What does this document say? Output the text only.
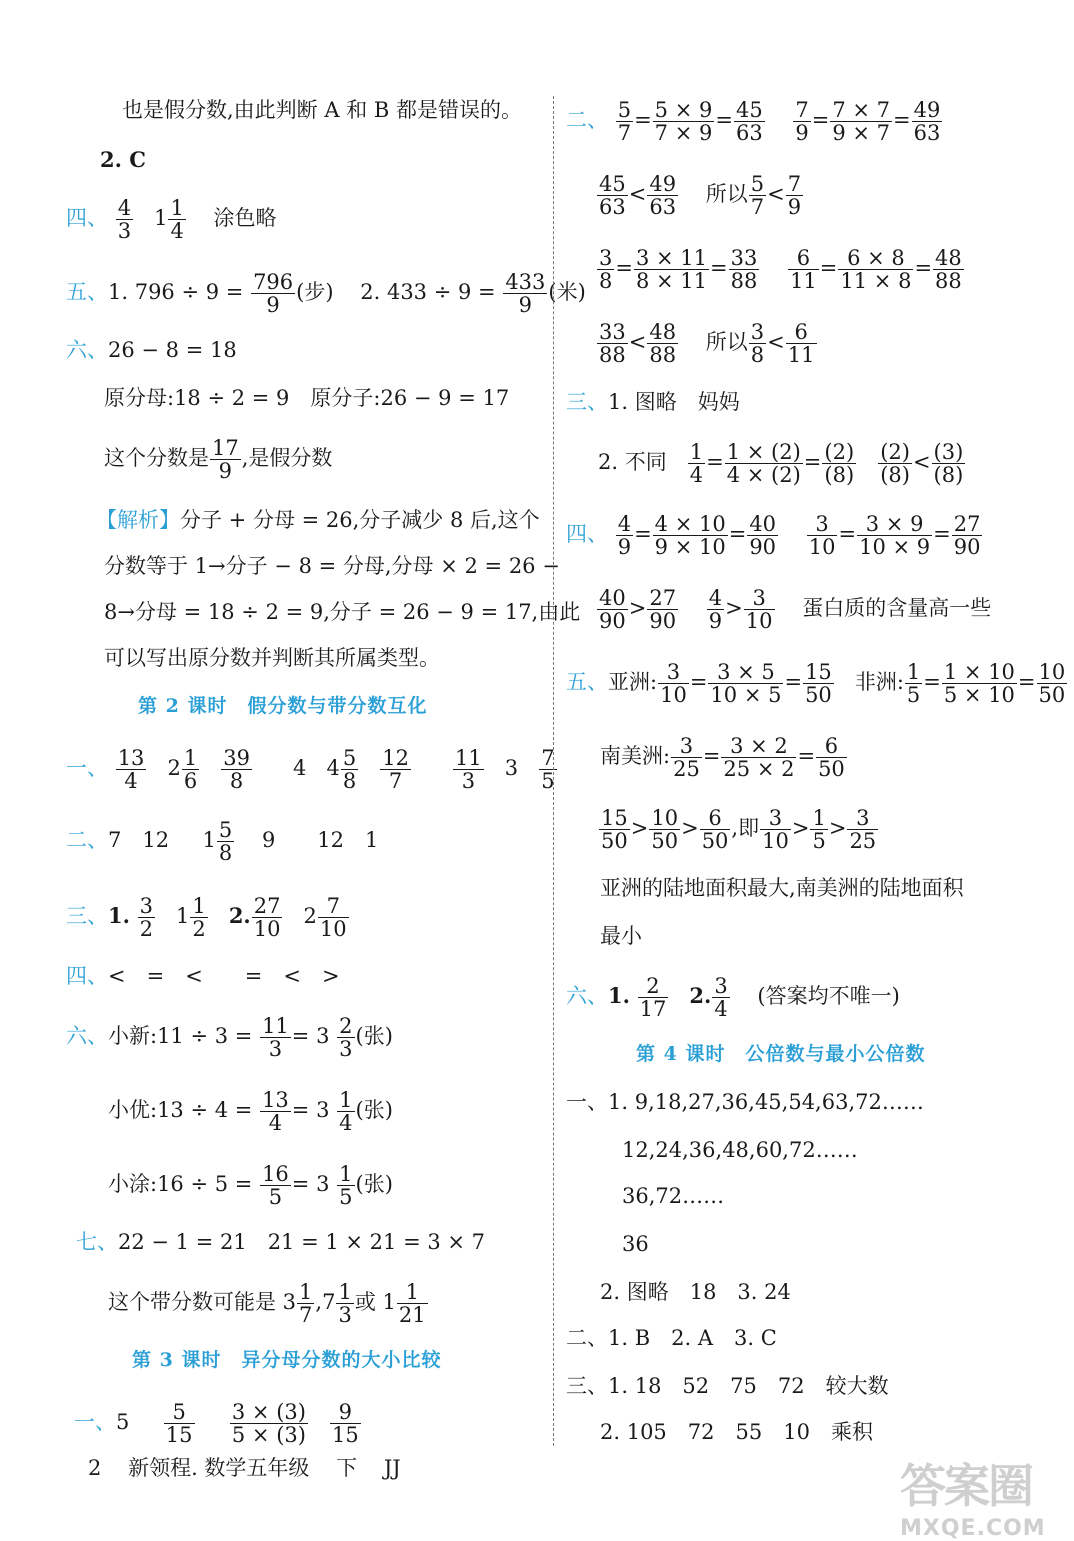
也是假分数,由此判断 A 和 B 都是错误的。
2. C
四、 $\frac{4}{3} 1 \frac{1}{4}$ 涂色略
五、1. $796 \div 9 = \frac{796}{9}$ (步) 2. $433 \div 9 = \frac{433}{9}$ (米)
六、26 − 8 = 18
原分母:18 ÷ 2 = 9　原分子:26 − 9 = 17
这个分数是 $\frac{17}{9}$ ,是假分数
【解析】分子 + 分母 = 26,分子减少 8 后,这个
分数等于 1→分子 − 8 = 分母,分母 × 2 = 26 −
8→分母 = 18 ÷ 2 = 9,分子 = 26 − 9 = 17,由此
可以写出原分数并判断其所属类型。
第 2 课时　假分数与带分数互化
一、 $\frac{13}{4} 2 \frac{1}{6}$
$\frac{39}{8} 4$ $4 \frac{5}{8}$
$\frac{12}{7}$
$\frac{11}{3} 3 \frac{7}{5}$
二、7　12 $1 \frac{5}{8} 9$　　12　1
三、1. $\frac{3}{2} 1 \frac{1}{2} 2$. $\frac{27}{10} 2 \frac{7}{10}$
四、<　=　<　　=　<　>
六、小新:11 ÷ $3 = \frac{11}{3} = 3 \frac{2}{3}$ (张)
小优:13 ÷ $4 = \frac{13}{4} = 3 \frac{1}{4}$ (张)
小涂:16 ÷ $5 = \frac{16}{5} = 3 \frac{1}{5}$ (张)
七、22 − 1 = 21　21 = 1 × 21 = 3 × 7
这个带分数可能是 $3 \frac{1}{7} ,7 \frac{1}{3}$ 或 $1 \frac{1}{21}$
第 3 课时　异分母分数的大小比较
一、$5 \frac{5}{15}$
$\frac{3 \times (3)}{5 \times (3)}$
$\frac{9}{15}$
二、 $\frac{5}{7} = \frac{5 \times 9}{7 \times 9} = \frac{45}{63}$
$\frac{7}{9} = \frac{7 \times 7}{9 \times 7} = \frac{49}{63}$
$\frac{45}{63} < \frac{49}{63}$ 所以 $\frac{5}{7} < \frac{7}{9}$
$\frac{3}{8} = \frac{3 \times 11}{8 \times 11} = \frac{33}{88}$
$\frac{6}{11} = \frac{6 \times 8}{11 \times 8} = \frac{48}{88}$
$\frac{33}{88} < \frac{48}{88}$ 所以 $\frac{3}{8} < \frac{6}{11}$
三、1. 图略　妈妈
2. 不同 $\frac{1}{4} = \frac{1 \times (2)}{4 \times (2)} = \frac{(2)}{(8)}$
$\frac{(2)}{(8)} < \frac{(3)}{(8)}$
四、 $\frac{4}{9} = \frac{4 \times 10}{9 \times 10} = \frac{40}{90}$
$\frac{3}{10} = \frac{3 \times 9}{10 \times 9} = \frac{27}{90}$
$\frac{40}{90} > \frac{27}{90}$
$\frac{4}{9} > \frac{3}{10}$ 蛋白质的含量高一些
五、亚洲: $\frac{3}{10} = \frac{3 \times 5}{10 \times 5} = \frac{15}{50}$ 非洲: $\frac{1}{5} = \frac{1 \times 10}{5 \times 10} = \frac{10}{50}$
南美洲: $\frac{3}{25} = \frac{3 \times 2}{25 \times 2} = \frac{6}{50}$
$\frac{15}{50} > \frac{10}{50} > \frac{6}{50}$ ,即 $\frac{3}{10} > \frac{1}{5} > \frac{3}{25}$
亚洲的陆地面积最大,南美洲的陆地面积
最小
六、1. $\frac{2}{17} 2$. $\frac{3}{4}$ (答案均不唯一)
第 4 课时　公倍数与最小公倍数
一、1. 9,18,27,36,45,54,63,72……
12,24,36,48,60,72……
36,72……
36
2. 图略　18　3. 24
二、1. B　2. A　3. C
三、1. 18　52　75　72　较大数
2. 105　72　55　10　乘积
2 新领程. 数学五年级 下 JJ	答案圈
MXQE.COM
